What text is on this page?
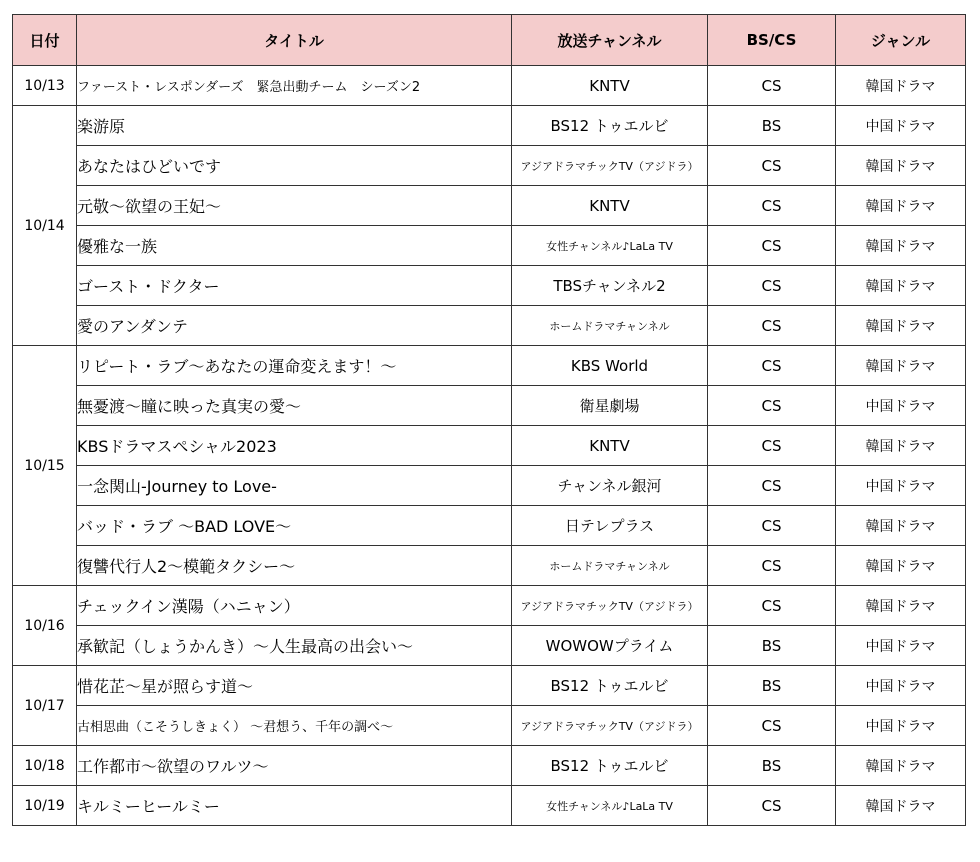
日付	タイトル	放送チャンネル	BS/CS	ジャンル
10/13	ファースト・レスポンダーズ　緊急出動チーム　シーズン2	KNTV	CS	韓国ドラマ
10/14	楽游原	BS12 トゥエルビ	BS	中国ドラマ
	あなたはひどいです	アジアドラマチックTV（アジドラ）	CS	韓国ドラマ
	元敬～欲望の王妃～	KNTV	CS	韓国ドラマ
	優雅な一族	女性チャンネル♪LaLa TV	CS	韓国ドラマ
	ゴースト・ドクター	TBSチャンネル2	CS	韓国ドラマ
	愛のアンダンテ	ホームドラマチャンネル	CS	韓国ドラマ
10/15	リピート・ラブ～あなたの運命変えます！～	KBS World	CS	韓国ドラマ
	無憂渡～瞳に映った真実の愛～	衛星劇場	CS	中国ドラマ
	KBSドラマスペシャル2023	KNTV	CS	韓国ドラマ
	一念関山-Journey to Love-	チャンネル銀河	CS	中国ドラマ
	バッド・ラブ ～BAD LOVE～	日テレプラス	CS	韓国ドラマ
	復讐代行人2～模範タクシー～	ホームドラマチャンネル	CS	韓国ドラマ
10/16	チェックイン漢陽（ハニャン）	アジアドラマチックTV（アジドラ）	CS	韓国ドラマ
	承歓記（しょうかんき）～人生最高の出会い～	WOWOWプライム	BS	中国ドラマ
10/17	惜花芷～星が照らす道～	BS12 トゥエルビ	BS	中国ドラマ
	古相思曲（こそうしきょく） ～君想う、千年の調べ～	アジアドラマチックTV（アジドラ）	CS	中国ドラマ
10/18	工作都市～欲望のワルツ～	BS12 トゥエルビ	BS	韓国ドラマ
10/19	キルミーヒールミー	女性チャンネル♪LaLa TV	CS	韓国ドラマ
